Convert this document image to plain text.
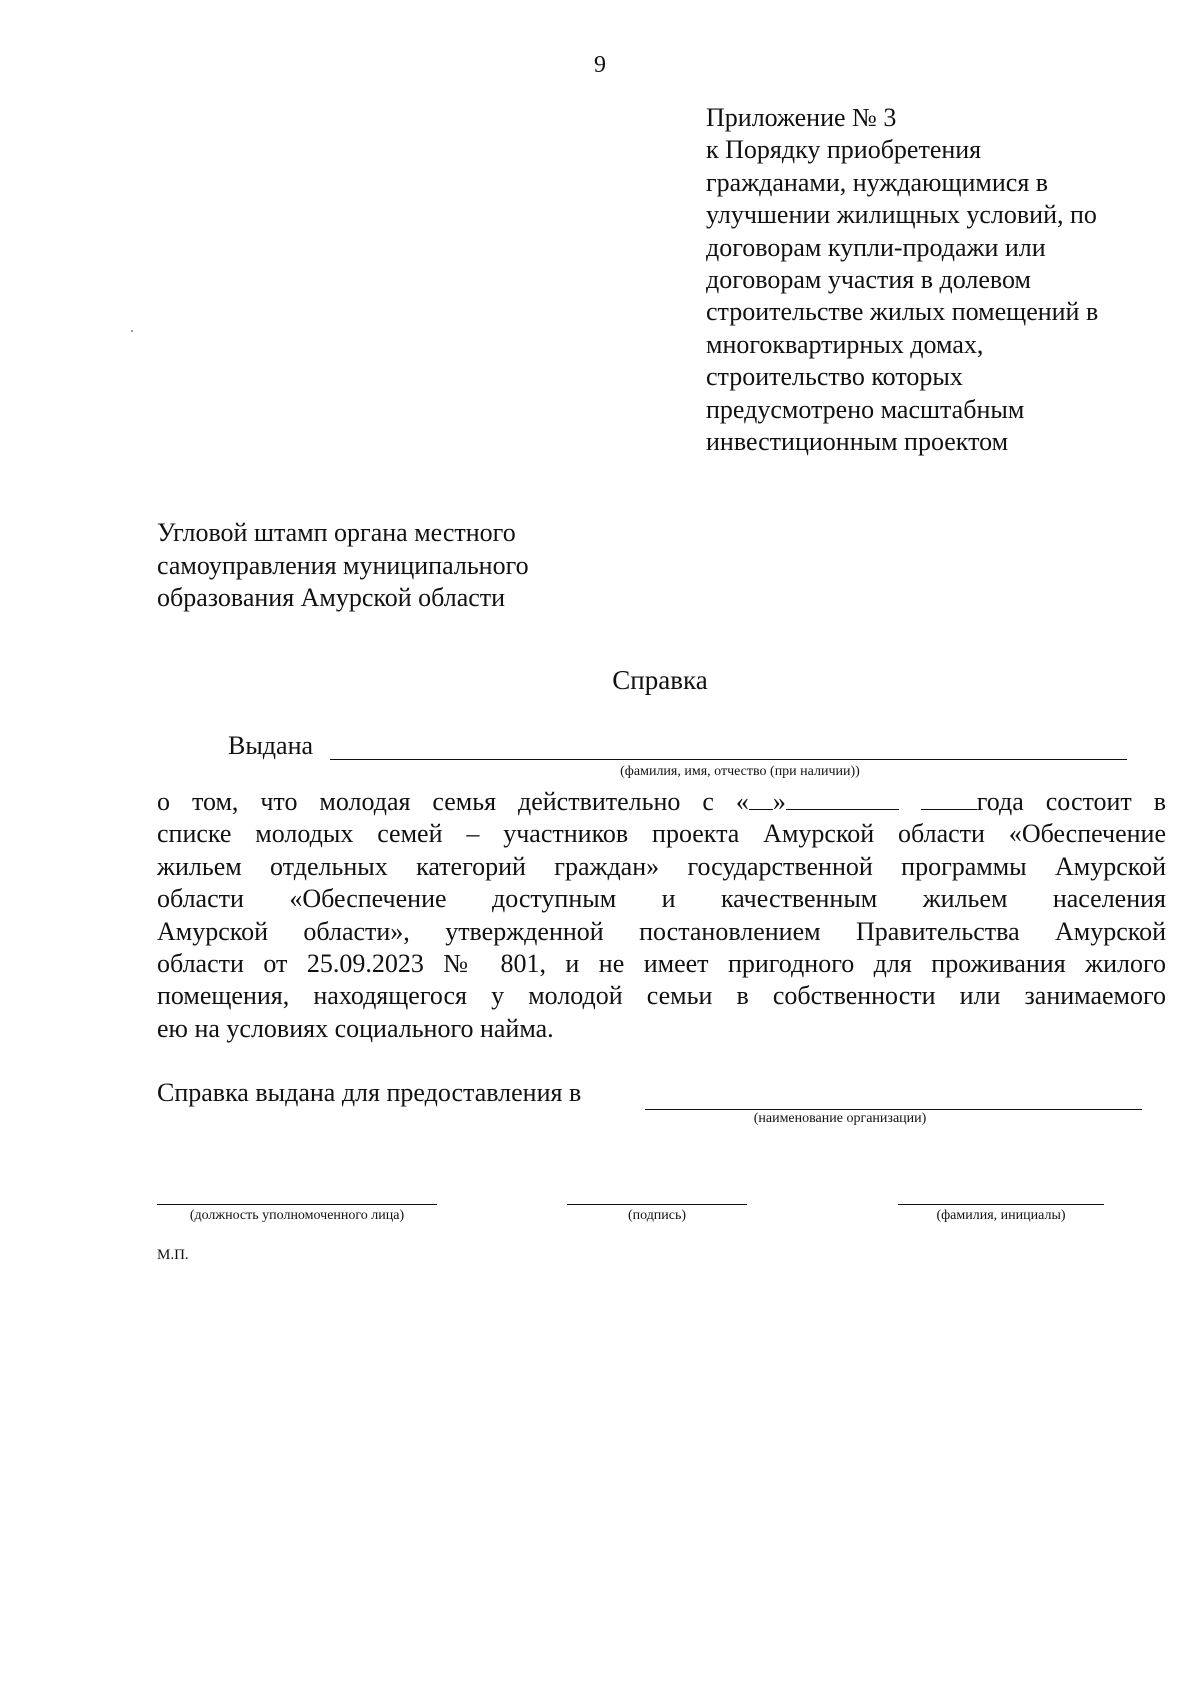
9
Приложение № 3
к Порядку приобретения
гражданами, нуждающимися в
улучшении жилищных условий, по
договорам купли-продажи или
договорам участия в долевом
строительстве жилых помещений в
многоквартирных домах,
строительство которых
предусмотрено масштабным
инвестиционным проектом
Угловой штамп органа местного
самоуправления муниципального
образования Амурской области
Справка
Выдана
(фамилия, имя, отчество (при наличии))
о том, что молодая семья действительно с « »	года состоит в
списке молодых семей – участников проекта Амурской области «Обеспечение
жильем отдельных категорий граждан» государственной программы Амурской
области «Обеспечение доступным и качественным жильем населения
Амурской области», утвержденной постановлением Правительства Амурской
области от 25.09.2023 № 801, и не имеет пригодного для проживания жилого
помещения, находящегося у молодой семьи в собственности или занимаемого
ею на условиях социального найма.
Справка выдана для предоставления в
(наименование организации)
(должность уполномоченного лица)	(подпись)	(фамилия, инициалы)
М.П.
